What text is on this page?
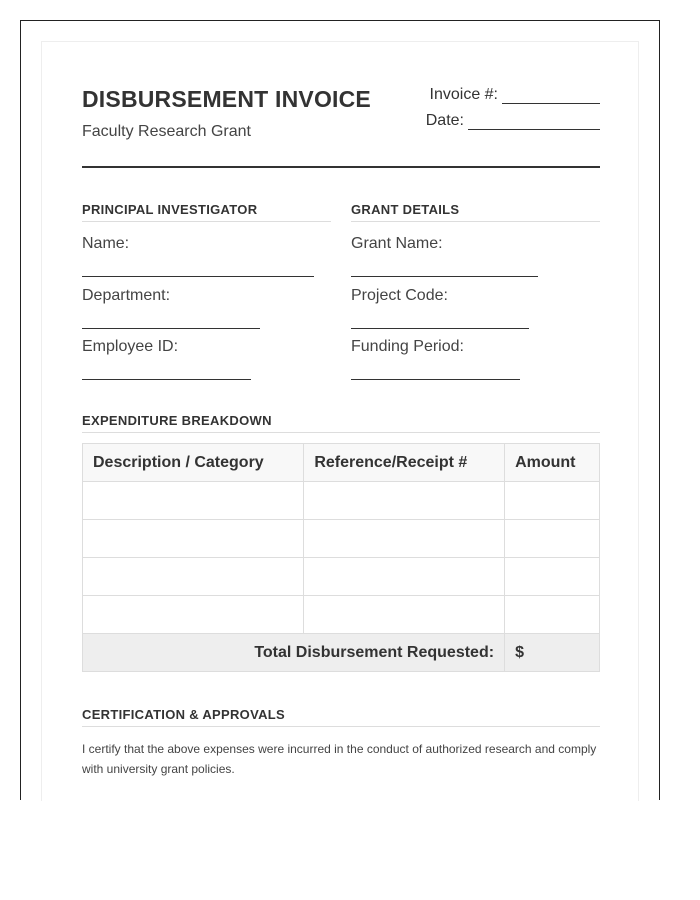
DISBURSEMENT INVOICE
Faculty Research Grant
Invoice #:
Date:
PRINCIPAL INVESTIGATOR
Name:
Department:
Employee ID:
GRANT DETAILS
Grant Name:
Project Code:
Funding Period:
EXPENDITURE BREAKDOWN
Description / Category	Reference/Receipt #	Amount

Total Disbursement Requested:		$
CERTIFICATION & APPROVALS
I certify that the above expenses were incurred in the conduct of authorized research and comply with university grant policies.
